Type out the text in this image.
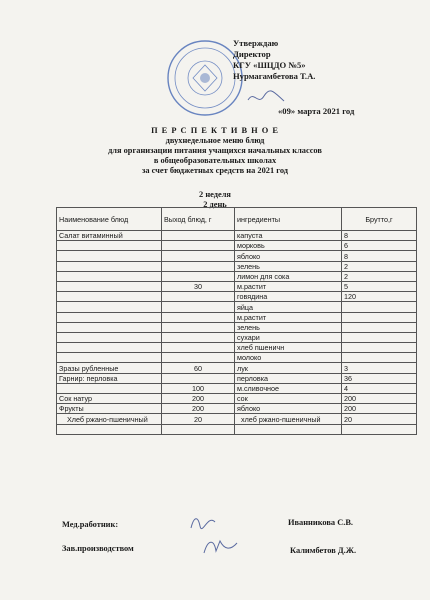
Утверждаю
Директор
КГУ «ШЦДО №5»
Нурмагамбетова Т.А.
«09» марта 2021 год
П Е Р С П Е К Т И В Н О Е
двухнедельное меню блюд
для организации питания учащихся начальных классов
в общеобразовательных школах
за счет бюджетных средств на 2021 год
2 неделя
2 день
Наименование блюд	Выход блюд, г	ингредиенты	Брутто,г
Салат витаминный		капуста	8
		морковь	6
		яблоко	8
		зелень	2
		лимон для сока	2
	30	м.растит	5
		говядина	120
		яйца	
		м.растит	
		зелень	
		сухари	
		хлеб пшеничн	
		молоко	
Зразы рубленные	60	лук	3
Гарнир: перловка		перловка	36
	100	м.сливочное	4
Сок натур	200	сок	200
Фрукты	200	яблоко	200
Хлеб ржано-пшеничный	20	хлеб ржано-пшеничный	20

Мед.работник:
Зав.производством
Иванникова С.В.
Калимбетов Д.Ж.
